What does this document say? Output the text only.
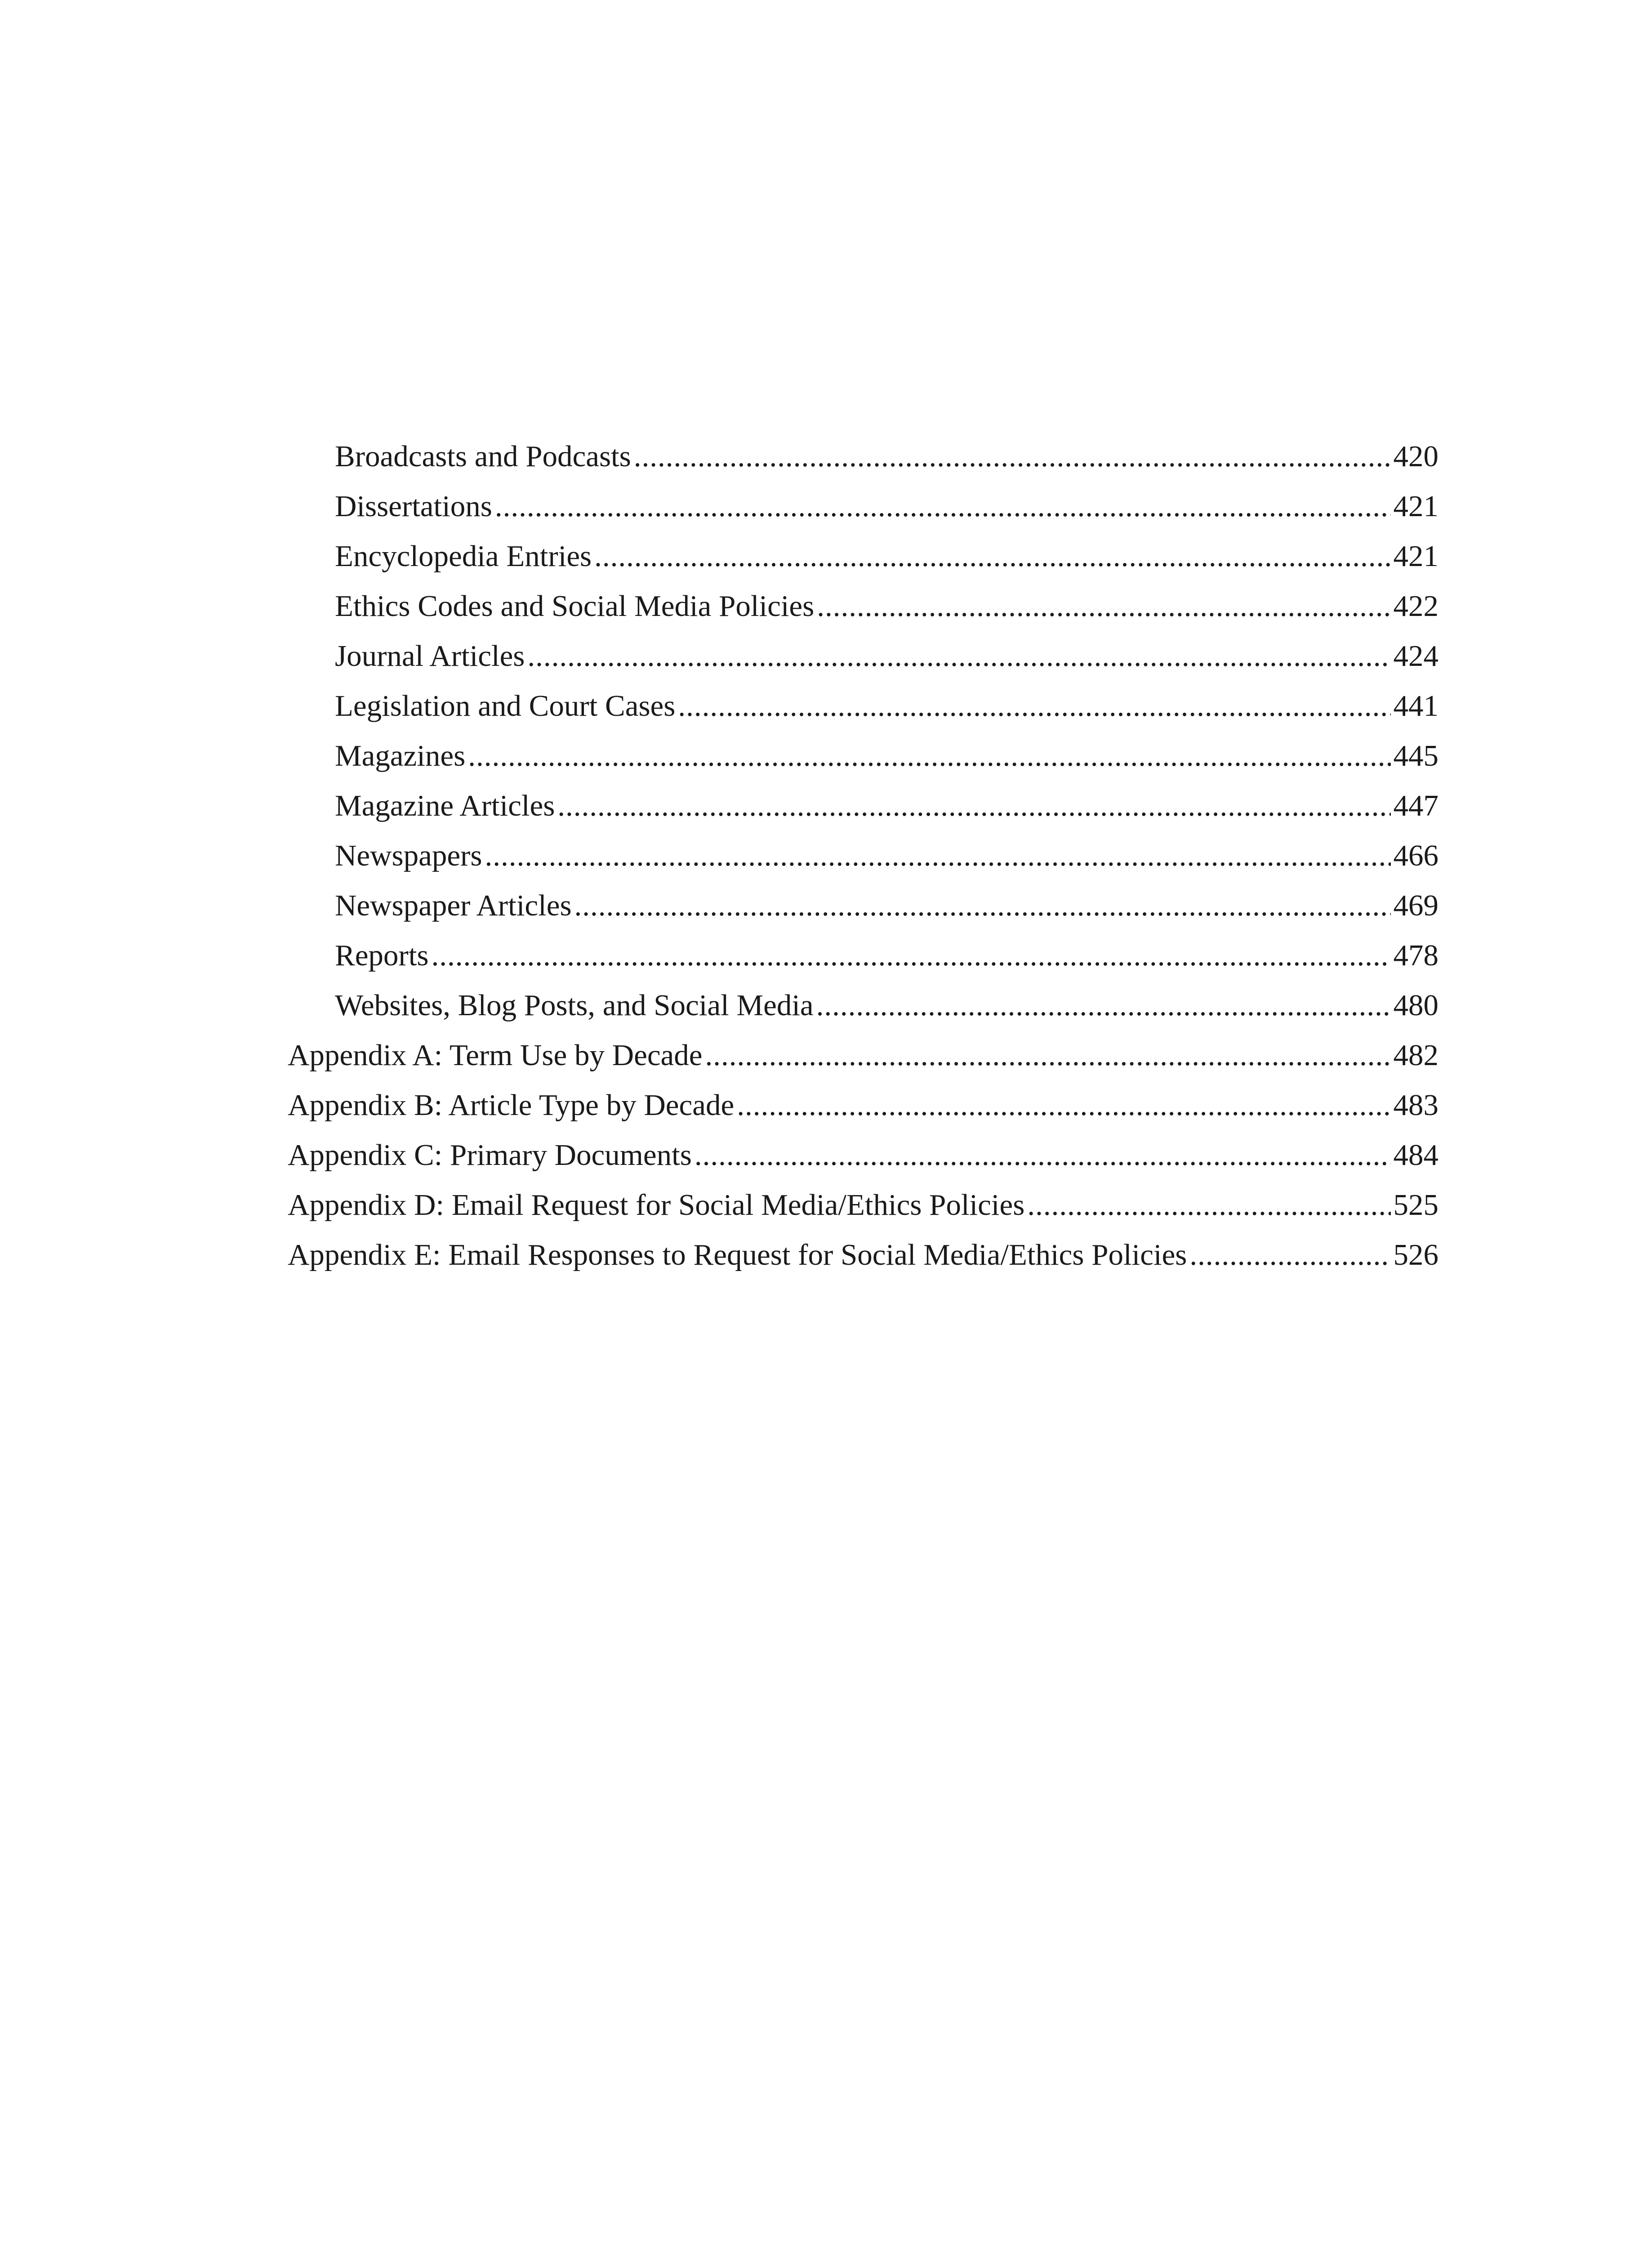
Broadcasts and Podcasts .....	420
Dissertations .....	421
Encyclopedia Entries .....	421
Ethics Codes and Social Media Policies .....	422
Journal Articles .....	424
Legislation and Court Cases .....	441
Magazines .....	445
Magazine Articles .....	447
Newspapers .....	466
Newspaper Articles .....	469
Reports .....	478
Websites, Blog Posts, and Social Media .....	480
Appendix A: Term Use by Decade .....	482
Appendix B: Article Type by Decade .....	483
Appendix C: Primary Documents .....	484
Appendix D: Email Request for Social Media/Ethics Policies .....	525
Appendix E: Email Responses to Request for Social Media/Ethics Policies .....	526
